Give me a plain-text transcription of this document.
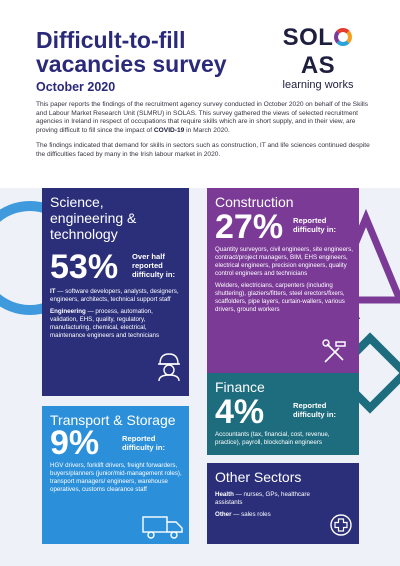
Difficult-to-fill
vacancies survey
October 2020
SOLAS
learning works

This paper reports the findings of the recruitment agency survey conducted in October 2020 on behalf of the Skills and Labour Market Research Unit (SLMRU) in SOLAS. This survey gathered the views of selected recruitment agencies in Ireland in respect of occupations that require skills which are in short supply, and in their view, are proving difficult to fill since the impact of COVID-19 in March 2020.

The findings indicated that demand for skills in sectors such as construction, IT and life sciences continued despite the difficulties faced by many in the Irish labour market in 2020.

Science,
engineering &
technology
53% Over half reported difficulty in:

IT — software developers, analysts, designers, engineers, architects, technical support staff

Engineering — process, automation, validation, EHS, quality, regulatory, manufacturing, chemical, electrical, maintenance engineers and technicians

Construction
27% Reported difficulty in:

Quantity surveyors, civil engineers, site engineers, contract/project managers, BIM, EHS engineers, electrical engineers, precision engineers, quality control engineers and technicians

Welders, electricians, carpenters (including shuttering), glaziers/fitters, steel erectors/fixers, scaffolders, pipe layers, curtain-wallers, various drivers, ground workers

Finance
4%	Reported difficulty in:
Accountants (tax, financial, cost, revenue, practice), payroll, blockchain engineers
Transport & Storage
9%	Reported difficulty in:
HGV drivers, forklift drivers, freight forwarders, buyers/planners (junior/mid-management roles), transport managers/ engineers, warehouse operatives, customs clearance staff
Other Sectors

Health — nurses, GPs, healthcare assistants

Other — sales roles
